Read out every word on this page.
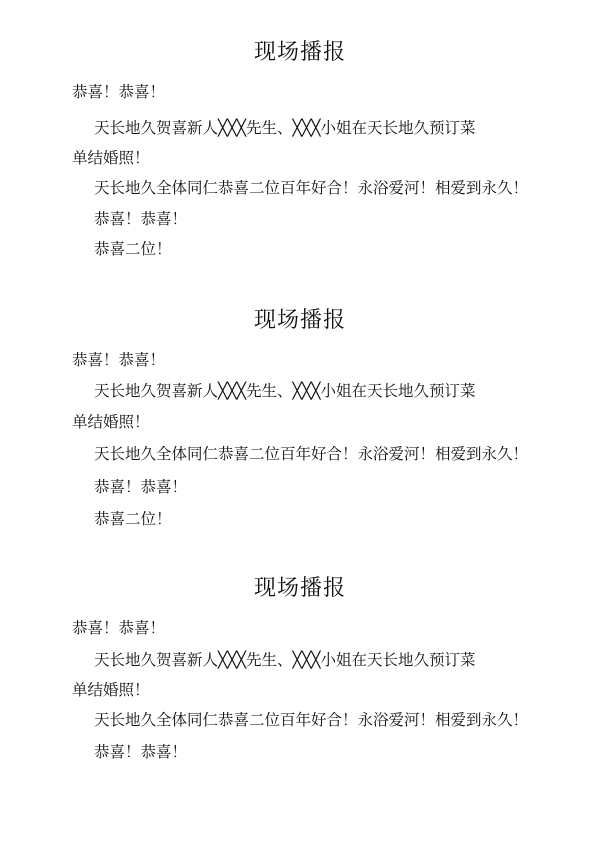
现场播报
恭喜！恭喜！
天长地久贺喜新人╳╳╳先生、╳╳╳小姐在天长地久预订菜
单结婚照！
天长地久全体同仁恭喜二位百年好合！永浴爱河！相爱到永久！
恭喜！恭喜！
恭喜二位！
现场播报
恭喜！恭喜！
天长地久贺喜新人╳╳╳先生、╳╳╳小姐在天长地久预订菜
单结婚照！
天长地久全体同仁恭喜二位百年好合！永浴爱河！相爱到永久！
恭喜！恭喜！
恭喜二位！
现场播报
恭喜！恭喜！
天长地久贺喜新人╳╳╳先生、╳╳╳小姐在天长地久预订菜
单结婚照！
天长地久全体同仁恭喜二位百年好合！永浴爱河！相爱到永久！
恭喜！恭喜！
